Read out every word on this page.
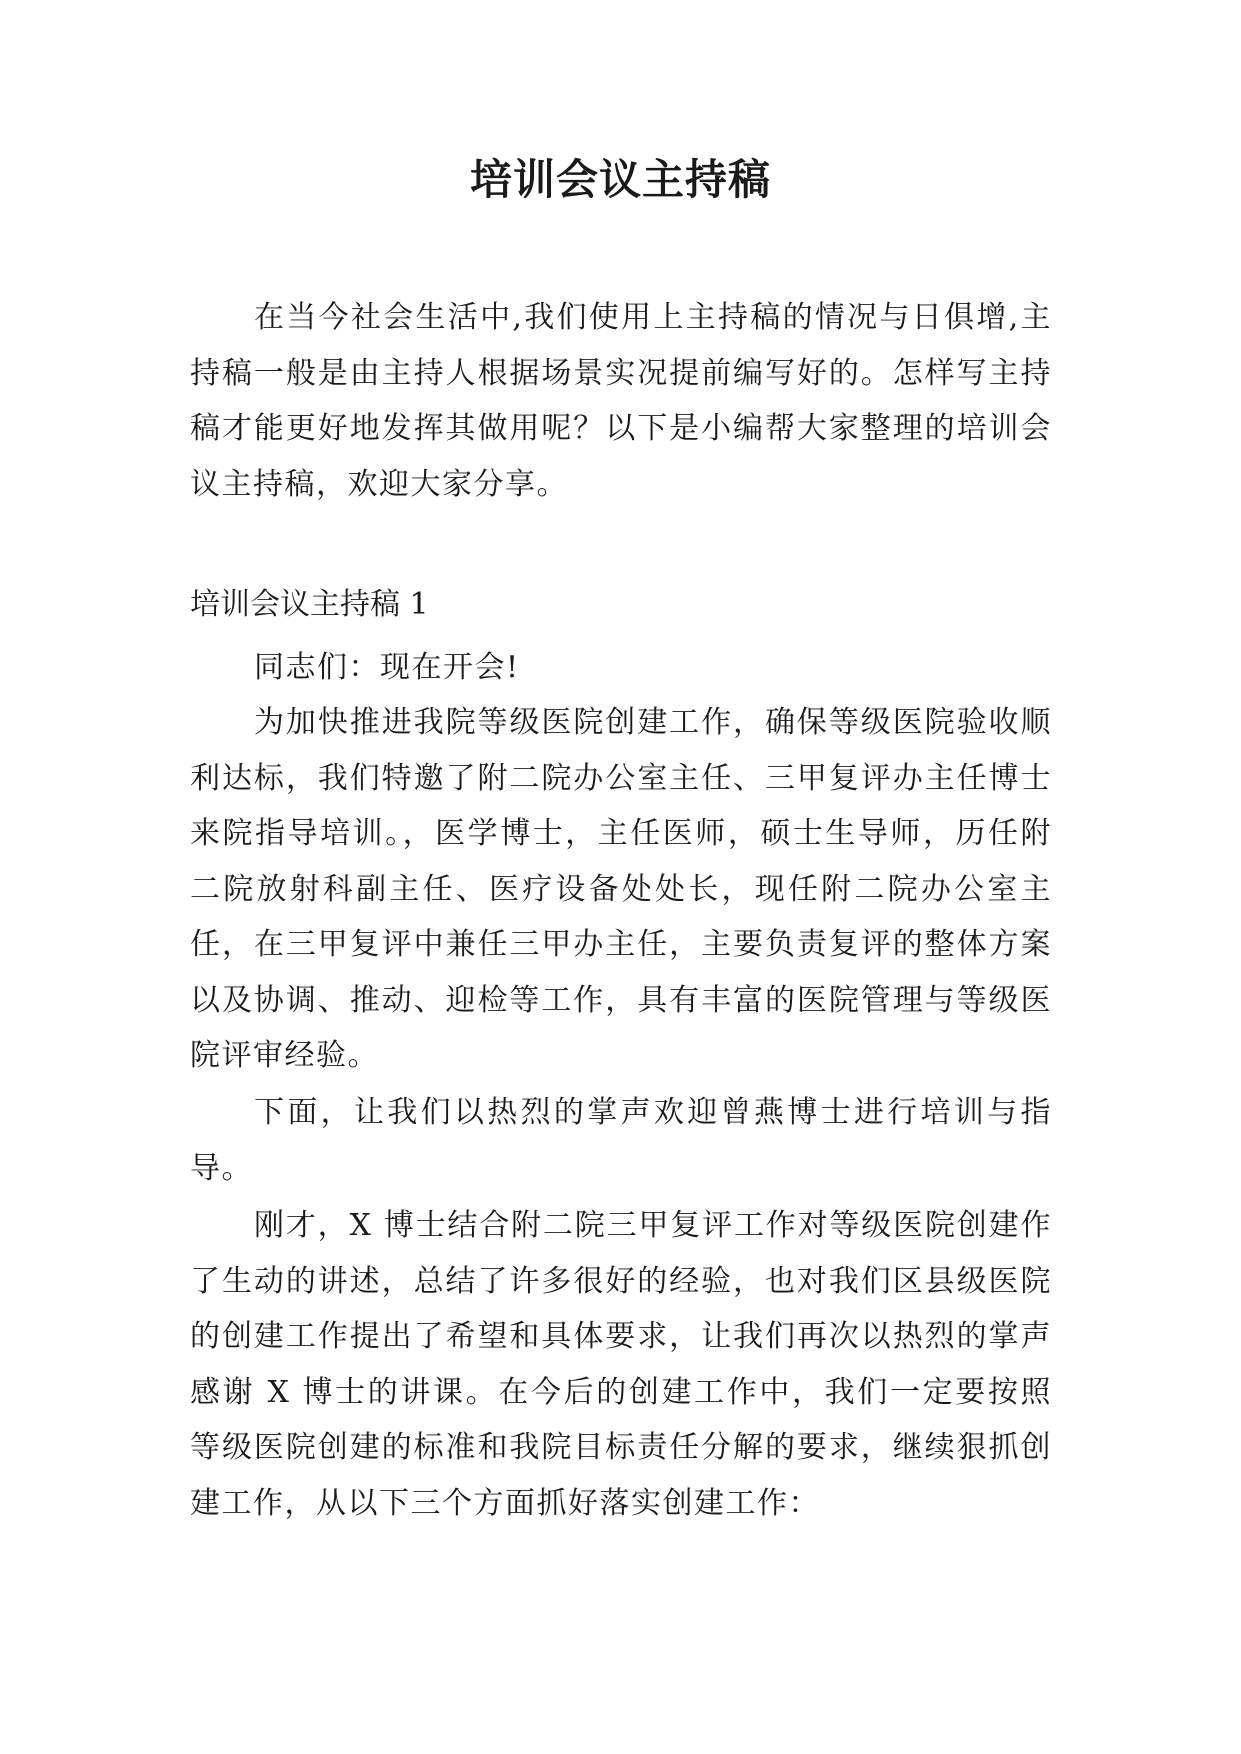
培训会议主持稿
在当今社会生活中,我们使用上主持稿的情况与日俱增,主持稿一般是由主持人根据场景实况提前编写好的。怎样写主持稿才能更好地发挥其做用呢？以下是小编帮大家整理的培训会议主持稿，欢迎大家分享。
培训会议主持稿 1
同志们：现在开会!
为加快推进我院等级医院创建工作，确保等级医院验收顺利达标，我们特邀了附二院办公室主任、三甲复评办主任博士来院指导培训。，医学博士，主任医师，硕士生导师，历任附二院放射科副主任、医疗设备处处长，现任附二院办公室主任，在三甲复评中兼任三甲办主任，主要负责复评的整体方案以及协调、推动、迎检等工作，具有丰富的医院管理与等级医院评审经验。
下面，让我们以热烈的掌声欢迎曾燕博士进行培训与指导。
刚才，X 博士结合附二院三甲复评工作对等级医院创建作了生动的讲述，总结了许多很好的经验，也对我们区县级医院的创建工作提出了希望和具体要求，让我们再次以热烈的掌声感谢 X 博士的讲课。在今后的创建工作中，我们一定要按照等级医院创建的标准和我院目标责任分解的要求，继续狠抓创建工作，从以下三个方面抓好落实创建工作：
